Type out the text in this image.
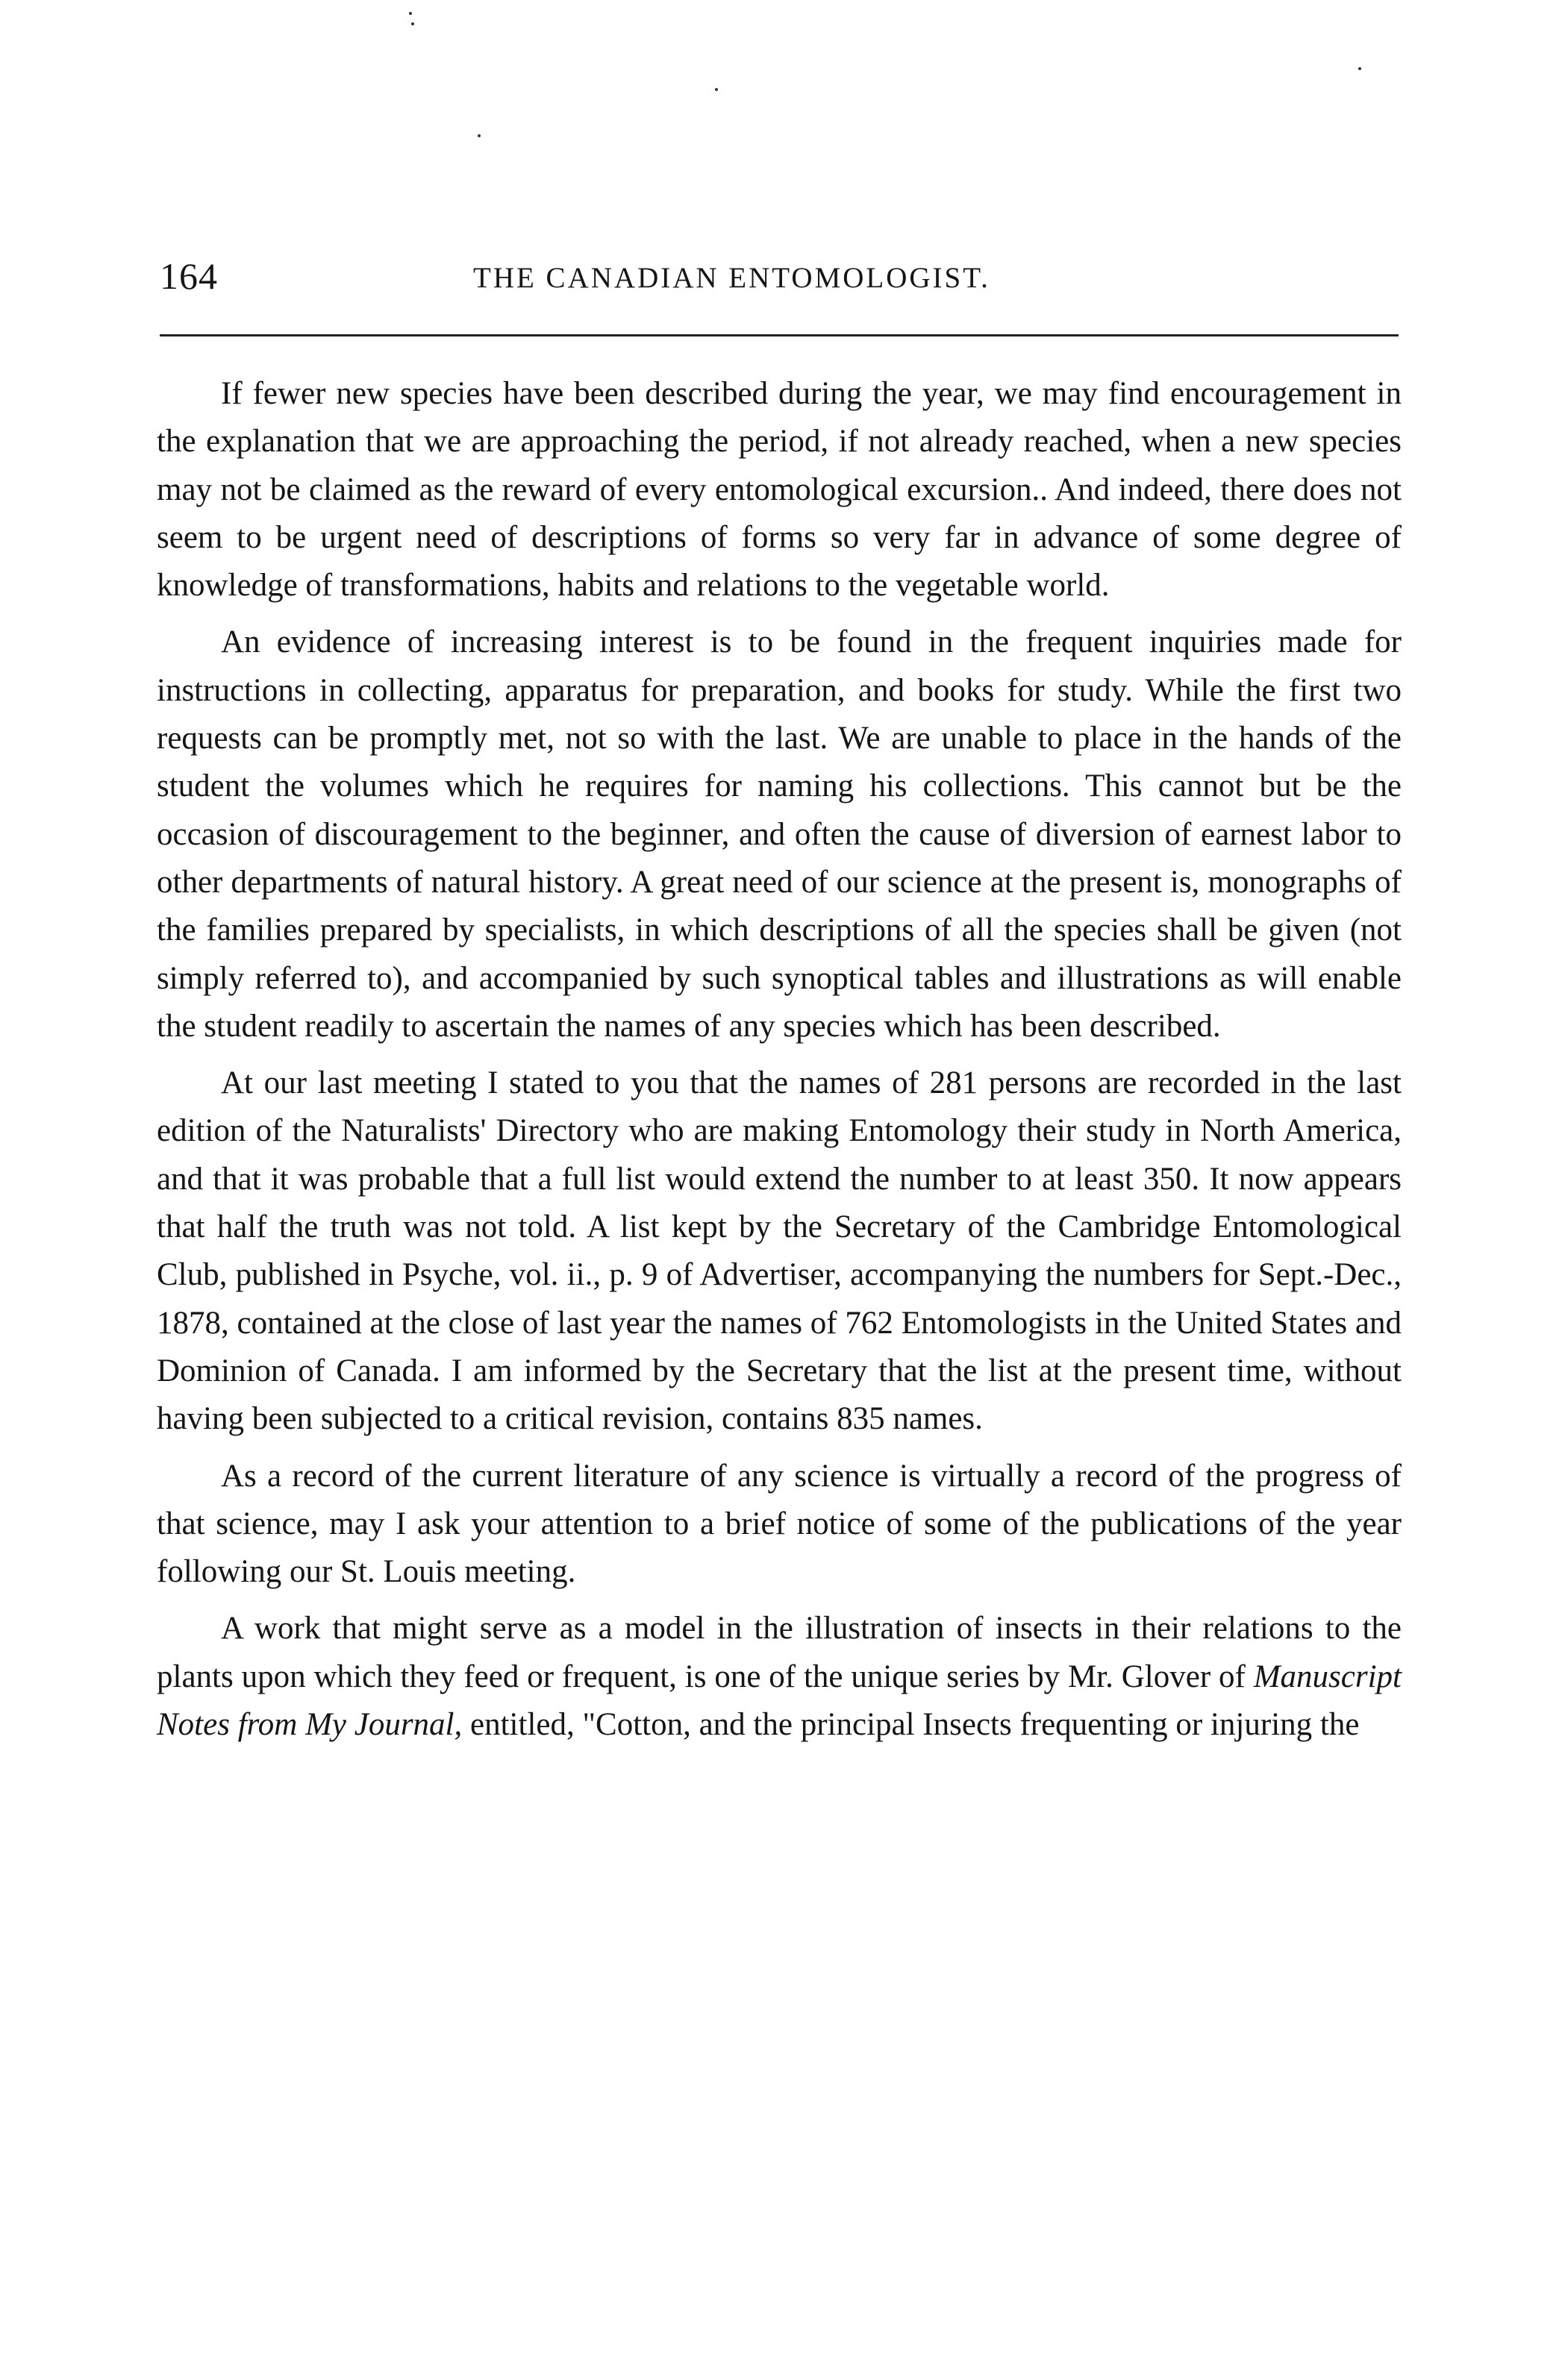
164	THE CANADIAN ENTOMOLOGIST.

If fewer new species have been described during the year, we may find encouragement in the explanation that we are approaching the period, if not already reached, when a new species may not be claimed as the reward of every entomological excursion.. And indeed, there does not seem to be urgent need of descriptions of forms so very far in advance of some degree of knowledge of transformations, habits and relations to the vegetable world.

An evidence of increasing interest is to be found in the frequent inquiries made for instructions in collecting, apparatus for preparation, and books for study. While the first two requests can be promptly met, not so with the last. We are unable to place in the hands of the student the volumes which he requires for naming his collections. This cannot but be the occasion of discouragement to the beginner, and often the cause of diversion of earnest labor to other departments of natural history. A great need of our science at the present is, monographs of the families prepared by specialists, in which descriptions of all the species shall be given (not simply referred to), and accompanied by such synoptical tables and illustrations as will enable the student readily to ascertain the names of any species which has been described.

At our last meeting I stated to you that the names of 281 persons are recorded in the last edition of the Naturalists' Directory who are making Entomology their study in North America, and that it was probable that a full list would extend the number to at least 350. It now appears that half the truth was not told. A list kept by the Secretary of the Cambridge Entomological Club, published in Psyche, vol. ii., p. 9 of Advertiser, accompanying the numbers for Sept.-Dec., 1878, contained at the close of last year the names of 762 Entomologists in the United States and Dominion of Canada. I am informed by the Secretary that the list at the present time, without having been subjected to a critical revision, contains 835 names.

As a record of the current literature of any science is virtually a record of the progress of that science, may I ask your attention to a brief notice of some of the publications of the year following our St. Louis meeting.

A work that might serve as a model in the illustration of insects in their relations to the plants upon which they feed or frequent, is one of the unique series by Mr. Glover of Manuscript Notes from My Journal, entitled, "Cotton, and the principal Insects frequenting or injuring the
